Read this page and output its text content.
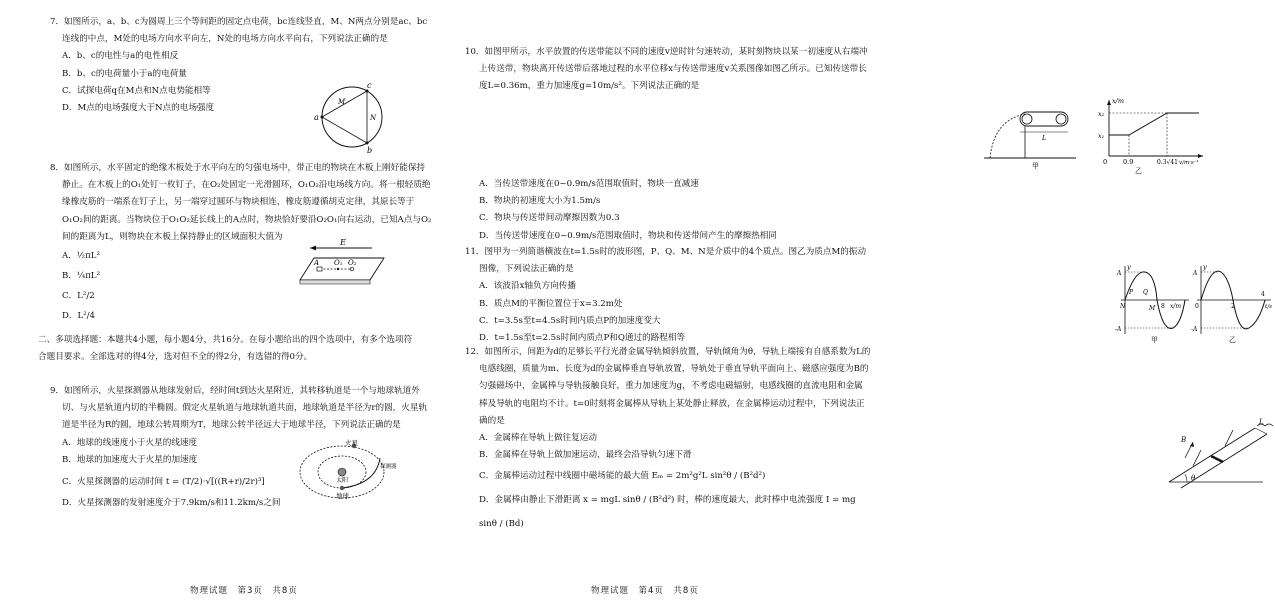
7．如图所示，a、b、c为圆周上三个等间距的固定点电荷，bc连线竖直，M、N两点分别是ac、bc连线的中点，M处的电场方向水平向左，N处的电场方向水平向右，下列说法正确的是

A．b、c的电性与a的电性相反

B．b、c的电荷量小于a的电荷量

C．试探电荷q在M点和N点电势能相等

D．M点的电场强度大于N点的电场强度

a
c
b
M
N

8．如图所示，水平固定的绝缘木板处于水平向左的匀强电场中，带正电的物块在木板上刚好能保持静止。在木板上的O₁处钉一枚钉子，在O₂处固定一光滑圆环，O₁O₂沿电场线方向。将一根轻质绝缘橡皮筋的一端系在钉子上，另一端穿过圆环与物块相连，橡皮筋遵循胡克定律，其原长等于O₁O₂间的距离。当物块位于O₁O₂延长线上的A点时，物块恰好要沿O₂O₁向右运动，已知A点与O₂间的距离为L，则物块在木板上保持静止的区域面积大值为

A．½πL²

B．¼πL²

C．L²/2

D．L²/4

E
A O₁ O₂
二、多项选择题：本题共4小题，每小题4分，共16分。在每小题给出的四个选项中，有多个选项符合题目要求。全部选对的得4分，选对但不全的得2分，有选错的得0分。

9．如图所示，火星探测器从地球发射后，经时间t到达火星附近，其转移轨道是一个与地球轨道外切、与火星轨道内切的半椭圆。假定火星轨道与地球轨道共面，地球轨道是半径为r的圆，火星轨道是半径为R的圆，地球公转周期为T，地球公转半径远大于地球半径，下列说法正确的是

A．地球的线速度小于火星的线速度

B．地球的加速度大于火星的加速度

C．火星探测器的运动时间 t = (T/2)·√[((R+r)/2r)³]

D．火星探测器的发射速度介于7.9km/s和11.2km/s之间

火星
太阳
地球
探测器
物理试题　第3页　共8页

10．如图甲所示，水平放置的传送带能以不同的速度v逆时针匀速转动，某时刻物块以某一初速度从右端冲上传送带，物块离开传送带后落地过程的水平位移x与传送带速度v关系图像如图乙所示。已知传送带长度L=0.36m，重力加速度g=10m/s²。下列说法正确的是

L
甲
x/m
x₂
x₁
0 0.9	0.3√41 v/m·s⁻¹
乙

A．当传送带速度在0~0.9m/s范围取值时，物块一直减速

B．物块的初速度大小为1.5m/s

C．物块与传送带间动摩擦因数为0.3

D．当传送带速度在0~0.9m/s范围取值时，物块和传送带间产生的摩擦热相同

11．图甲为一列简谐横波在t=1.5s时的波形图，P、Q、M、N是介质中的4个质点。图乙为质点M的振动图像，下列说法正确的是

A．该波沿x轴负方向传播

B．质点M的平衡位置位于x=3.2m处

C．t=3.5s至t=4.5s时间内质点P的加速度变大

D．t=1.5s至t=2.5s时间内质点P和Q通过的路程相等

y
A
-A
P Q
N	8 x/m
M
甲
y
A
-A
0	2
4
t/s
乙

12．如图所示，间距为d的足够长平行光滑金属导轨倾斜放置，导轨倾角为θ，导轨上端接有自感系数为L的电感线圈，质量为m、长度为d的金属棒垂直导轨放置，导轨处于垂直导轨平面向上、磁感应强度为B的匀强磁场中，金属棒与导轨接触良好，重力加速度为g，不考虑电磁辐射，电感线圈的直流电阻和金属棒及导轨的电阻均不计。t=0时刻将金属棒从导轨上某处静止释放，在金属棒运动过程中，下列说法正确的是

A．金属棒在导轨上做往复运动

B．金属棒在导轨上做加速运动，最终会沿导轨匀速下滑

C．金属棒运动过程中线圈中磁场能的最大值 Eₘ = 2m²g²L sin²θ / (B²d²)

D．金属棒由静止下滑距离 x = mgL sinθ / (B²d²) 时，棒的速度最大，此时棒中电流强度 I = mg sinθ / (Bd)

B
L
θ
物理试题　第4页　共8页
